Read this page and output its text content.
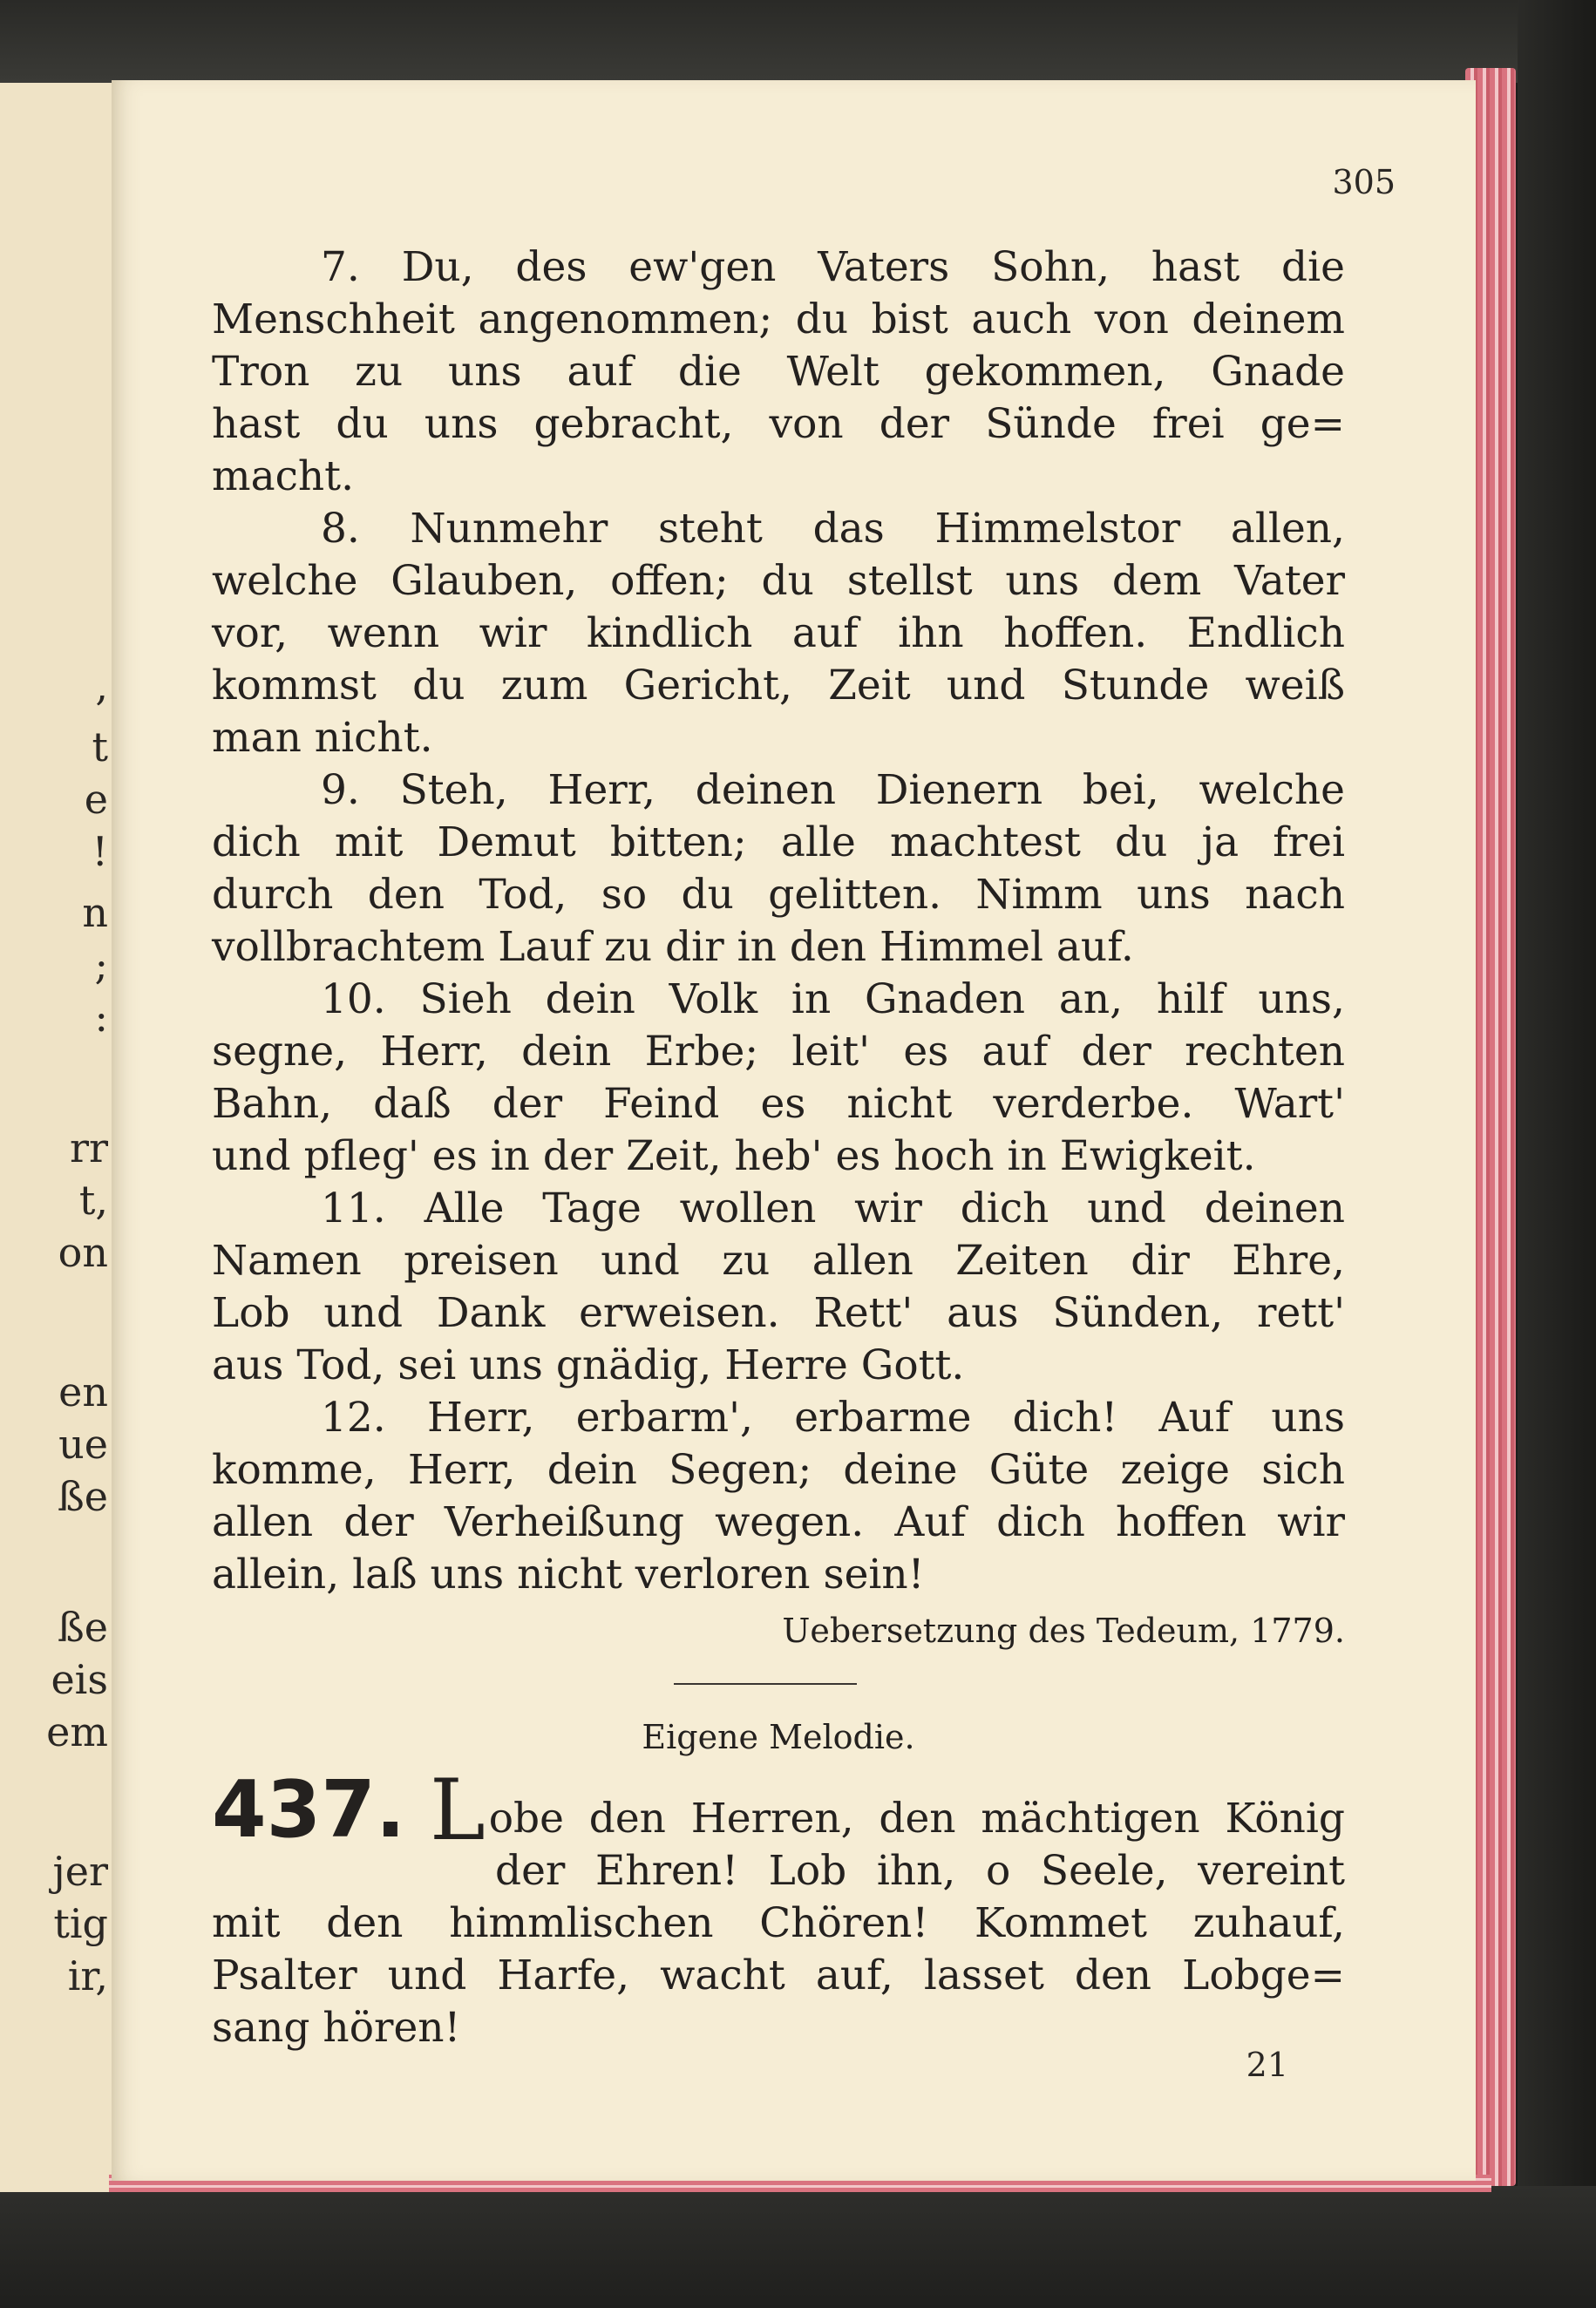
,
t
e
!
n
;
:
rr
t,
on
en
ue
ße
ße
eis
em
jer
tig
ir,
305
7. Du, des ew'gen Vaters Sohn, hast die
Menschheit angenommen; du bist auch von deinem
Tron zu uns auf die Welt gekommen, Gnade
hast du uns gebracht, von der Sünde frei ge=
macht.
8. Nunmehr steht das Himmelstor allen,
welche Glauben, offen; du stellst uns dem Vater
vor, wenn wir kindlich auf ihn hoffen. Endlich
kommst du zum Gericht, Zeit und Stunde weiß
man nicht.
9. Steh, Herr, deinen Dienern bei, welche
dich mit Demut bitten; alle machtest du ja frei
durch den Tod, so du gelitten. Nimm uns nach
vollbrachtem Lauf zu dir in den Himmel auf.
10. Sieh dein Volk in Gnaden an, hilf uns,
segne, Herr, dein Erbe; leit' es auf der rechten
Bahn, daß der Feind es nicht verderbe. Wart'
und pfleg' es in der Zeit, heb' es hoch in Ewigkeit.
11. Alle Tage wollen wir dich und deinen
Namen preisen und zu allen Zeiten dir Ehre,
Lob und Dank erweisen. Rett' aus Sünden, rett'
aus Tod, sei uns gnädig, Herre Gott.
12. Herr, erbarm', erbarme dich! Auf uns
komme, Herr, dein Segen; deine Güte zeige sich
allen der Verheißung wegen. Auf dich hoffen wir
allein, laß uns nicht verloren sein!
Uebersetzung des Tedeum, 1779.
Eigene Melodie.
437. L obe den Herren, den mächtigen König
der Ehren! Lob ihn, o Seele, vereint
mit den himmlischen Chören! Kommet zuhauf,
Psalter und Harfe, wacht auf, lasset den Lobge=
sang hören!
21
